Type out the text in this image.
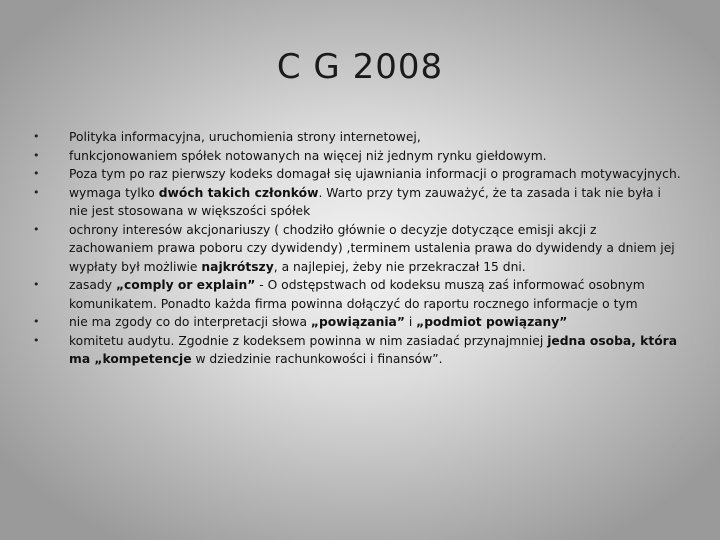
C G 2008
• Polityka informacyjna, uruchomienia strony internetowej,
• funkcjonowaniem spółek notowanych na więcej niż jednym rynku giełdowym.
• Poza tym po raz pierwszy kodeks domagał się ujawniania informacji o programach motywacyjnych.
• wymaga tylko dwóch takich członków. Warto przy tym zauważyć, że ta zasada i tak nie była i nie jest stosowana w większości spółek
• ochrony interesów akcjonariuszy ( chodziło głównie o decyzje dotyczące emisji akcji z zachowaniem prawa poboru czy dywidendy) ,terminem ustalenia prawa do dywidendy a dniem jej wypłaty był możliwie najkrótszy, a najlepiej, żeby nie przekraczał 15 dni.
• zasady „comply or explain” - O odstępstwach od kodeksu muszą zaś informować osobnym komunikatem. Ponadto każda firma powinna dołączyć do raportu rocznego informacje o tym
• nie ma zgody co do interpretacji słowa „powiązania” i „podmiot powiązany”
• komitetu audytu. Zgodnie z kodeksem powinna w nim zasiadać przynajmniej jedna osoba, która ma „kompetencje w dziedzinie rachunkowości i finansów”.
